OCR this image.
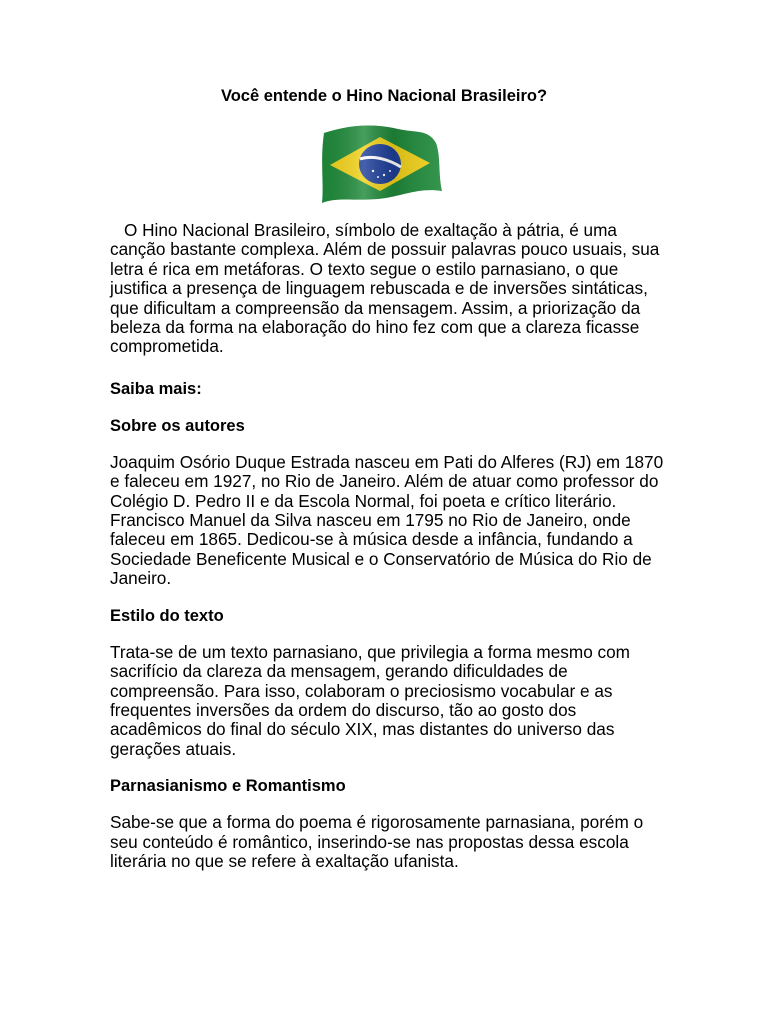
Você entende o Hino Nacional Brasileiro?

O Hino Nacional Brasileiro, símbolo de exaltação à pátria, é uma canção bastante complexa. Além de possuir palavras pouco usuais, sua letra é rica em metáforas. O texto segue o estilo parnasiano, o que justifica a presença de linguagem rebuscada e de inversões sintáticas, que dificultam a compreensão da mensagem. Assim, a priorização da beleza da forma na elaboração do hino fez com que a clareza ficasse comprometida.

Saiba mais:
Sobre os autores

Joaquim Osório Duque Estrada nasceu em Pati do Alferes (RJ) em 1870 e faleceu em 1927, no Rio de Janeiro. Além de atuar como professor do Colégio D. Pedro II e da Escola Normal, foi poeta e crítico literário.

Francisco Manuel da Silva nasceu em 1795 no Rio de Janeiro, onde faleceu em 1865. Dedicou-se à música desde a infância, fundando a Sociedade Beneficente Musical e o Conservatório de Música do Rio de Janeiro.

Estilo do texto

Trata-se de um texto parnasiano, que privilegia a forma mesmo com sacrifício da clareza da mensagem, gerando dificuldades de compreensão. Para isso, colaboram o preciosismo vocabular e as frequentes inversões da ordem do discurso, tão ao gosto dos acadêmicos do final do século XIX, mas distantes do universo das gerações atuais.

Parnasianismo e Romantismo

Sabe-se que a forma do poema é rigorosamente parnasiana, porém o seu conteúdo é romântico, inserindo-se nas propostas dessa escola literária no que se refere à exaltação ufanista.
